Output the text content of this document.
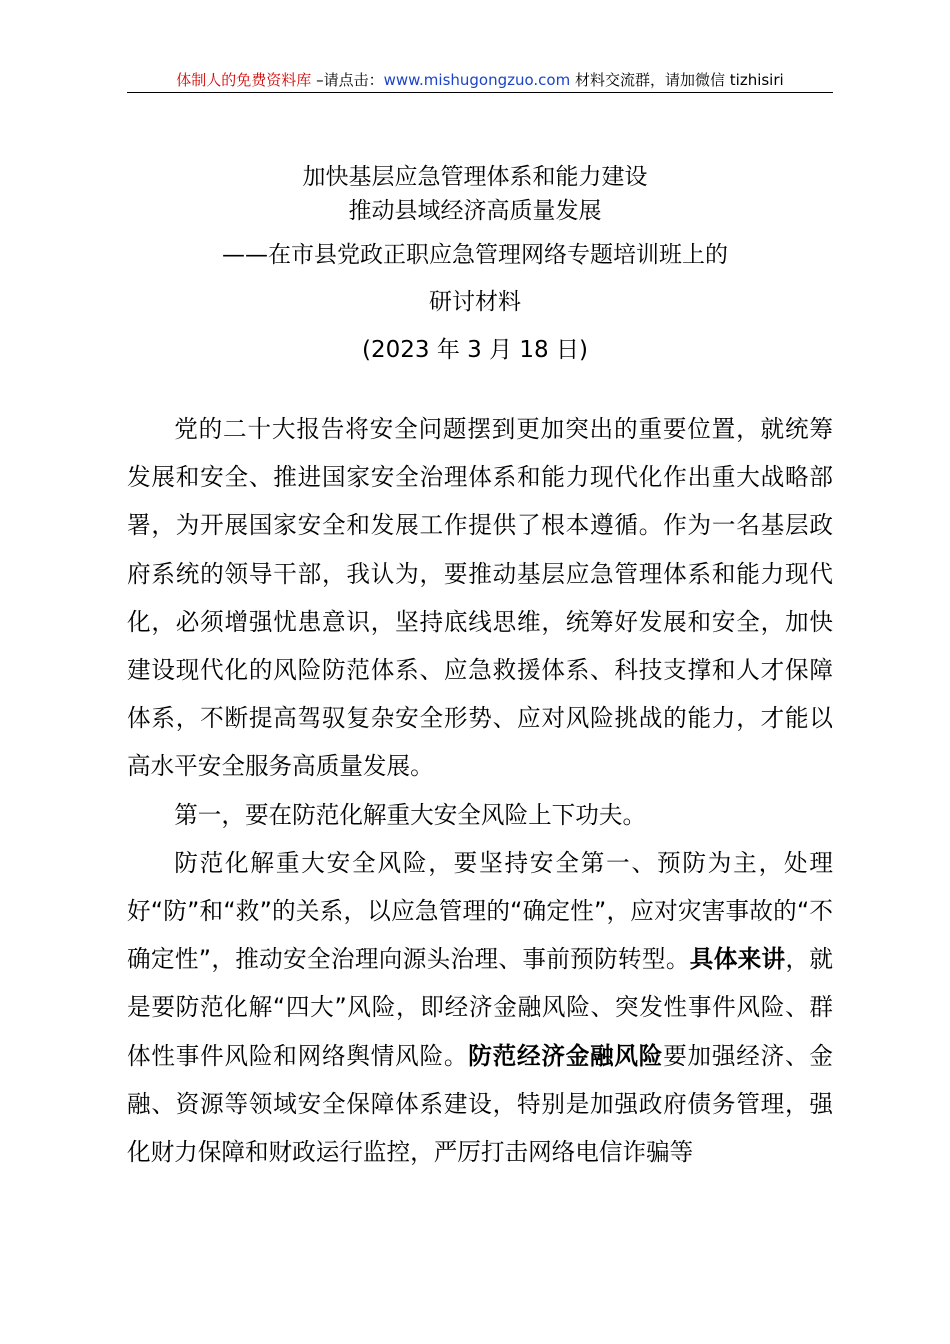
体制人的免费资料库 –请点击：www.mishugongzuo.com 材料交流群，请加微信 tizhisiri
加快基层应急管理体系和能力建设
推动县域经济高质量发展
——在市县党政正职应急管理网络专题培训班上的
研讨材料
(2023 年 3 月 18 日)

党的二十大报告将安全问题摆到更加突出的重要位置，就统筹发展和安全、推进国家安全治理体系和能力现代化作出重大战略部署，为开展国家安全和发展工作提供了根本遵循。作为一名基层政府系统的领导干部，我认为，要推动基层应急管理体系和能力现代化，必须增强忧患意识，坚持底线思维，统筹好发展和安全，加快建设现代化的风险防范体系、应急救援体系、科技支撑和人才保障体系，不断提高驾驭复杂安全形势、应对风险挑战的能力，才能以高水平安全服务高质量发展。

第一，要在防范化解重大安全风险上下功夫。

防范化解重大安全风险，要坚持安全第一、预防为主，处理好“防”和“救”的关系，以应急管理的“确定性”，应对灾害事故的“不确定性”，推动安全治理向源头治理、事前预防转型。具体来讲，就是要防范化解“四大”风险，即经济金融风险、突发性事件风险、群体性事件风险和网络舆情风险。防范经济金融风险要加强经济、金融、资源等领域安全保障体系建设，特别是加强政府债务管理，强化财力保障和财政运行监控，严厉打击网络电信诈骗等
